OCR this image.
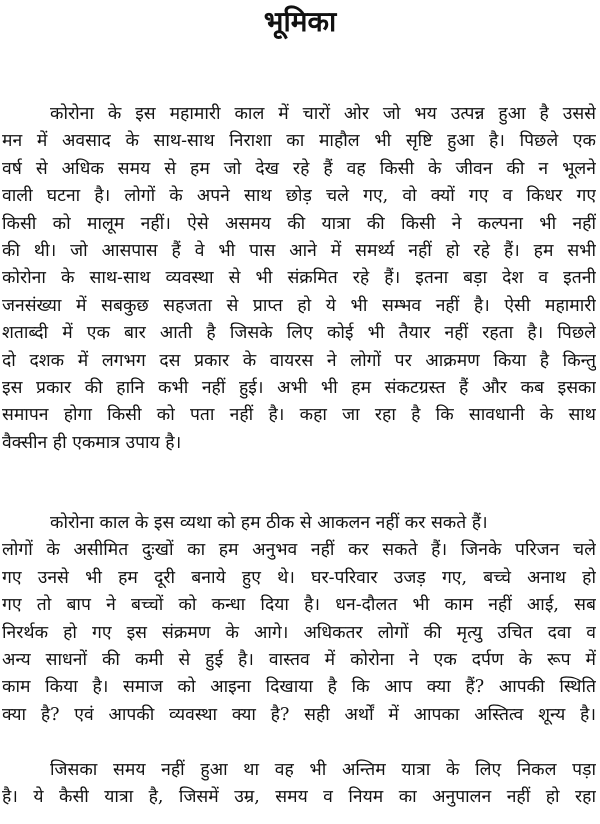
भूमिका

कोरोना के इस महामारी काल में चारों ओर जो भय उत्पन्न हुआ है उससे
मन में अवसाद के साथ-साथ निराशा का माहौल भी सृष्टि हुआ है। पिछले एक
वर्ष से अधिक समय से हम जो देख रहे हैं वह किसी के जीवन की न भूलने
वाली घटना है। लोगों के अपने साथ छोड़ चले गए, वो क्यों गए व किधर गए
किसी को मालूम नहीं। ऐसे असमय की यात्रा की किसी ने कल्पना भी नहीं
की थी। जो आसपास हैं वे भी पास आने में समर्थ्य नहीं हो रहे हैं। हम सभी
कोरोना के साथ-साथ व्यवस्था से भी संक्रमित रहे हैं। इतना बड़ा देश व इतनी
जनसंख्या में सबकुछ सहजता से प्राप्त हो ये भी सम्भव नहीं है। ऐसी महामारी
शताब्दी में एक बार आती है जिसके लिए कोई भी तैयार नहीं रहता है। पिछले
दो दशक में लगभग दस प्रकार के वायरस ने लोगों पर आक्रमण किया है किन्तु
इस प्रकार की हानि कभी नहीं हुई। अभी भी हम संकटग्रस्त हैं और कब इसका
समापन होगा किसी को पता नहीं है। कहा जा रहा है कि सावधानी के साथ
वैक्सीन ही एकमात्र उपाय है।

कोरोना काल के इस व्यथा को हम ठीक से आकलन नहीं कर सकते हैं।
लोगों के असीमित दुःखों का हम अनुभव नहीं कर सकते हैं। जिनके परिजन चले
गए उनसे भी हम दूरी बनाये हुए थे। घर-परिवार उजड़ गए, बच्चे अनाथ हो
गए तो बाप ने बच्चों को कन्धा दिया है। धन-दौलत भी काम नहीं आई, सब
निरर्थक हो गए इस संक्रमण के आगे। अधिकतर लोगों की मृत्यु उचित दवा व
अन्य साधनों की कमी से हुई है। वास्तव में कोरोना ने एक दर्पण के रूप में
काम किया है। समाज को आइना दिखाया है कि आप क्या हैं? आपकी स्थिति
क्या है? एवं आपकी व्यवस्था क्या है? सही अर्थों में आपका अस्तित्व शून्य है।

जिसका समय नहीं हुआ था वह भी अन्तिम यात्रा के लिए निकल पड़ा
है। ये कैसी यात्रा है, जिसमें उम्र, समय व नियम का अनुपालन नहीं हो रहा
